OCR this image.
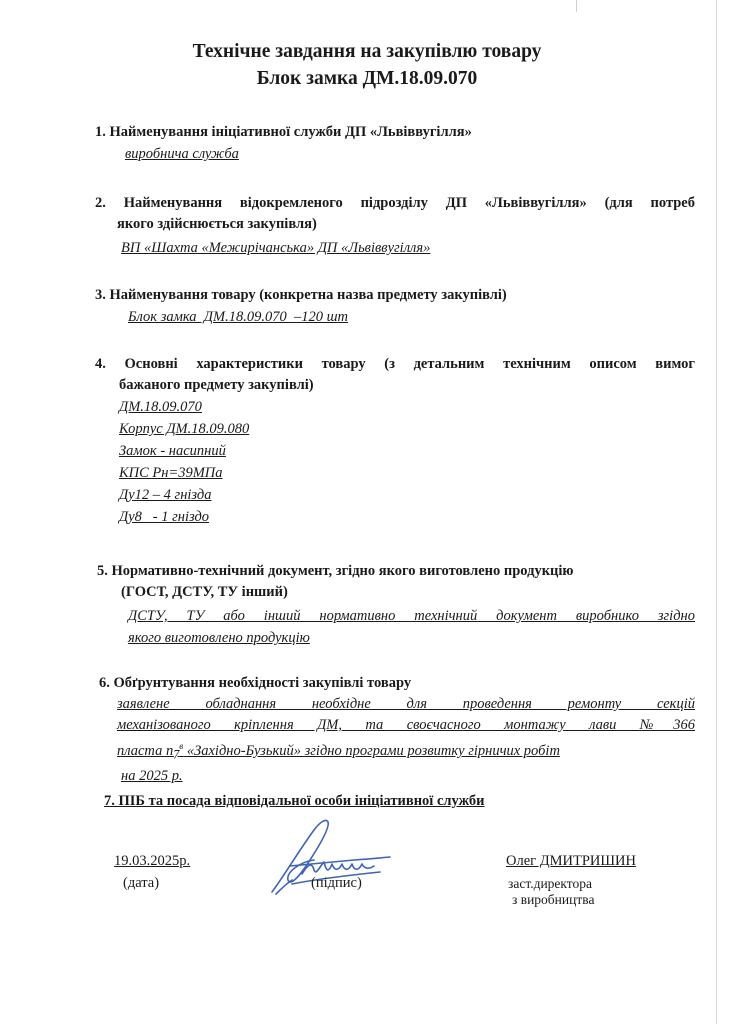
Технічне завдання на закупівлю товару
Блок замка ДМ.18.09.070
1. Найменування ініціативної служби ДП «Львіввугілля»
виробнича служба
2. Найменування відокремленого підрозділу ДП «Львіввугілля» (для потреб
якого здійснюється закупівля)
ВП «Шахта «Межирічанська» ДП «Львіввугілля»
3. Найменування товару (конкретна назва предмету закупівлі)
Блок замка  ДМ.18.09.070  –120 шт
4. Основні характеристики товару (з детальним технічним описом вимог
бажаного предмету закупівлі)
ДМ.18.09.070
Корпус ДМ.18.09.080
Замок - насипний
КПС Рн=39МПа
Ду12 – 4 гнізда
Ду8   - 1 гніздо
5. Нормативно-технічний документ, згідно якого виготовлено продукцію
(ГОСТ, ДСТУ, ТУ інший)
ДСТУ, ТУ або інший нормативно технічний документ виробнико згідно
якого виготовлено продукцію
6. Обґрунтування необхідності закупівлі товару
заявлене обладнання необхідне для проведення ремонту секцій
механізованого кріплення ДМ, та своєчасного монтажу лави №366
пласта $n_7^в$ «Західно-Бузький» згідно програми розвитку гірничих робіт
на 2025 р.
7. ПІБ та посада відповідальної особи ініціативної служби
19.03.2025р.
(дата)	(підпис)
Олег ДМИТРИШИН
заст.директора
з виробництва
